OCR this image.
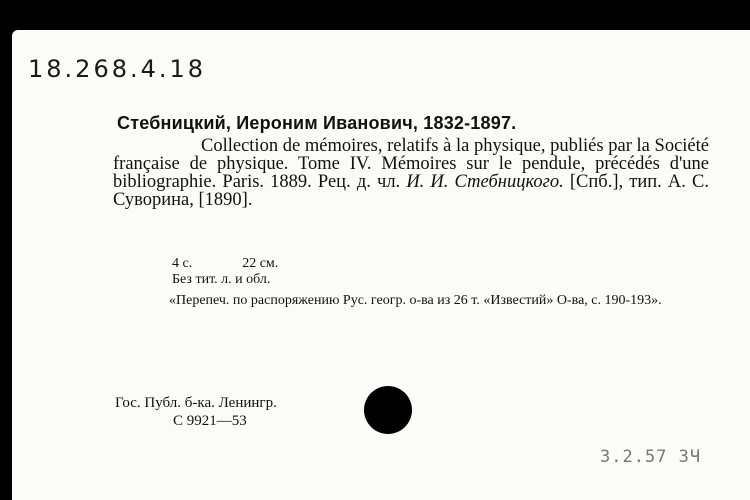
18.268.4.18
Стебницкий, Иероним Иванович, 1832-1897.
Collection de mémoires, relatifs à la physique, publiés par la Société française de physique. Tome IV. Mémoires sur le pendule, précédés d'une bibliographie. Paris. 1889. Рец. д. чл. И. И. Стебницкого. [Спб.], тип. А. С. Суворина, [1890].
4 с.	22 см.
Без тит. л. и обл.
«Перепеч. по распоряжению Рус. геогр. о-ва из 26 т. «Известий» О-ва, с. 190-193».
Гос. Публ. б-ка. Ленингр.
С 9921—53
3.2.57 ЗЧ
